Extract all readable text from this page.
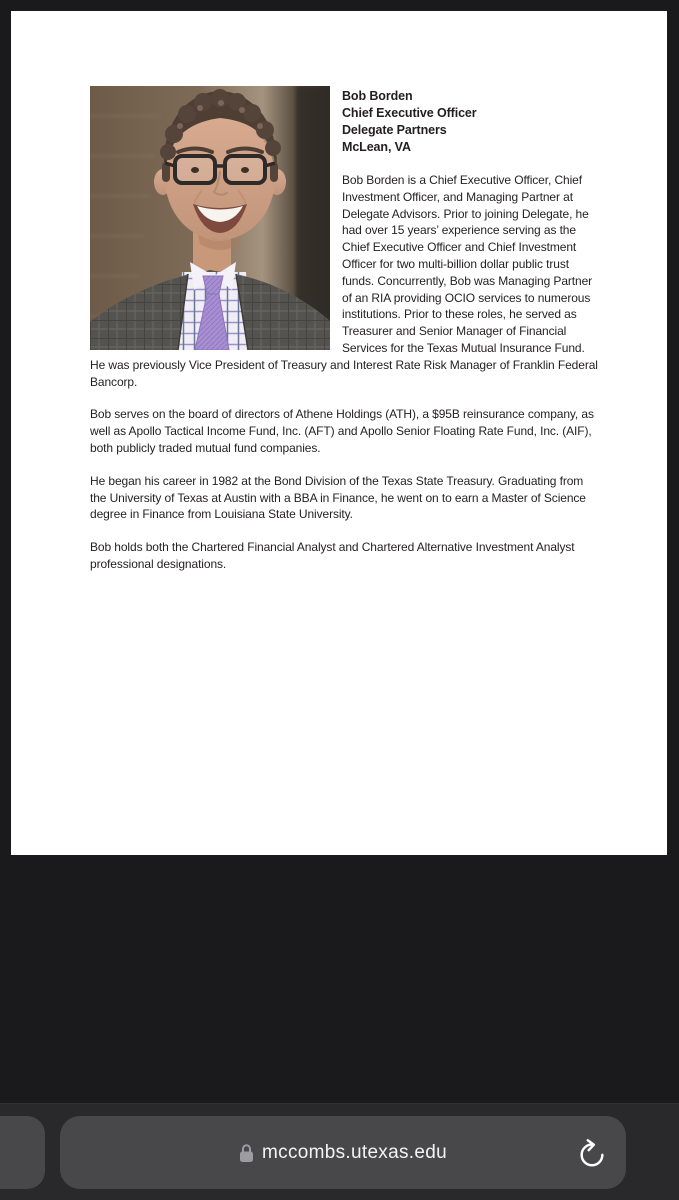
Bob Borden
Chief Executive Officer
Delegate Partners
McLean, VA

Bob Borden is a Chief Executive Officer, Chief Investment Officer, and Managing Partner at Delegate Advisors. Prior to joining Delegate, he had over 15 years’ experience serving as the Chief Executive Officer and Chief Investment Officer for two multi-billion dollar public trust funds. Concurrently, Bob was Managing Partner of an RIA providing OCIO services to numerous institutions. Prior to these roles, he served as Treasurer and Senior Manager of Financial Services for the Texas Mutual Insurance Fund. He was previously Vice President of Treasury and Interest Rate Risk Manager of Franklin Federal Bancorp.

Bob serves on the board of directors of Athene Holdings (ATH), a $95B reinsurance company, as well as Apollo Tactical Income Fund, Inc. (AFT) and Apollo Senior Floating Rate Fund, Inc. (AIF), both publicly traded mutual fund companies.

He began his career in 1982 at the Bond Division of the Texas State Treasury. Graduating from the University of Texas at Austin with a BBA in Finance, he went on to earn a Master of Science degree in Finance from Louisiana State University.

Bob holds both the Chartered Financial Analyst and Chartered Alternative Investment Analyst professional designations.

mccombs.utexas.edu
